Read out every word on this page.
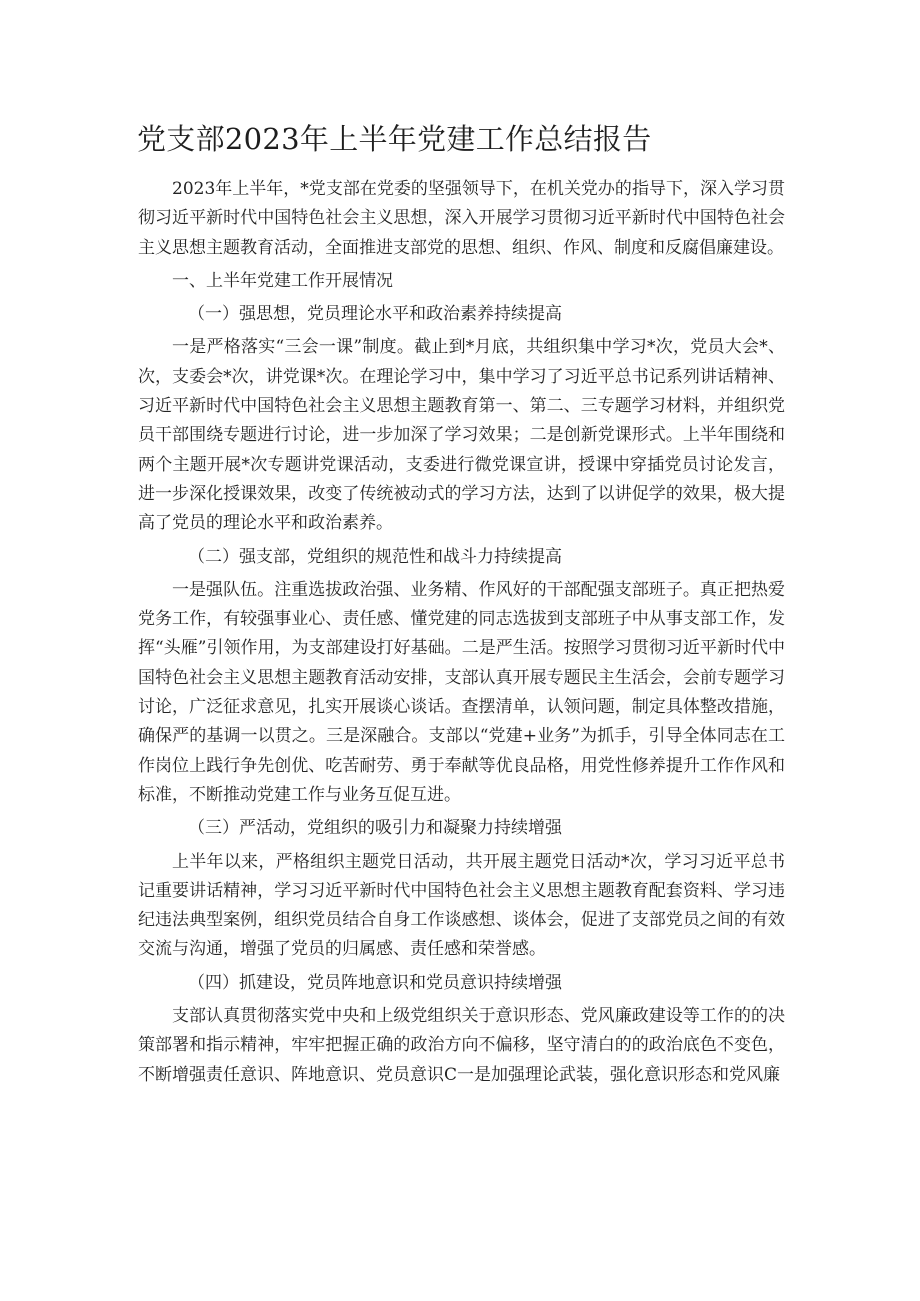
党支部2023年上半年党建工作总结报告

2023年上半年，*党支部在党委的坚强领导下，在机关党办的指导下，深入学习贯彻习近平新时代中国特色社会主义思想，深入开展学习贯彻习近平新时代中国特色社会主义思想主题教育活动，全面推进支部党的思想、组织、作风、制度和反腐倡廉建设。

一、上半年党建工作开展情况

（一）强思想，党员理论水平和政治素养持续提高

一是严格落实“三会一课”制度。截止到*月底，共组织集中学习*次，党员大会*、次，支委会*次，讲党课*次。在理论学习中，集中学习了习近平总书记系列讲话精神、习近平新时代中国特色社会主义思想主题教育第一、第二、三专题学习材料，并组织党员干部围绕专题进行讨论，进一步加深了学习效果；二是创新党课形式。上半年围绕和两个主题开展*次专题讲党课活动，支委进行微党课宣讲，授课中穿插党员讨论发言，进一步深化授课效果，改变了传统被动式的学习方法，达到了以讲促学的效果，极大提高了党员的理论水平和政治素养。

（二）强支部，党组织的规范性和战斗力持续提高

一是强队伍。注重选拔政治强、业务精、作风好的干部配强支部班子。真正把热爱党务工作，有较强事业心、责任感、懂党建的同志选拔到支部班子中从事支部工作，发挥“头雁”引领作用，为支部建设打好基础。二是严生活。按照学习贯彻习近平新时代中国特色社会主义思想主题教育活动安排，支部认真开展专题民主生活会，会前专题学习讨论，广泛征求意见，扎实开展谈心谈话。查摆清单，认领问题，制定具体整改措施，确保严的基调一以贯之。三是深融合。支部以“党建+业务”为抓手，引导全体同志在工作岗位上践行争先创优、吃苦耐劳、勇于奉献等优良品格，用党性修养提升工作作风和标准，不断推动党建工作与业务互促互进。

（三）严活动，党组织的吸引力和凝聚力持续增强

上半年以来，严格组织主题党日活动，共开展主题党日活动*次，学习习近平总书记重要讲话精神，学习习近平新时代中国特色社会主义思想主题教育配套资料、学习违纪违法典型案例，组织党员结合自身工作谈感想、谈体会，促进了支部党员之间的有效交流与沟通，增强了党员的归属感、责任感和荣誉感。

（四）抓建设，党员阵地意识和党员意识持续增强

支部认真贯彻落实党中央和上级党组织关于意识形态、党风廉政建设等工作的的决策部署和指示精神，牢牢把握正确的政治方向不偏移，坚守清白的的政治底色不变色，不断增强责任意识、阵地意识、党员意识C一是加强理论武装，强化意识形态和党风廉
